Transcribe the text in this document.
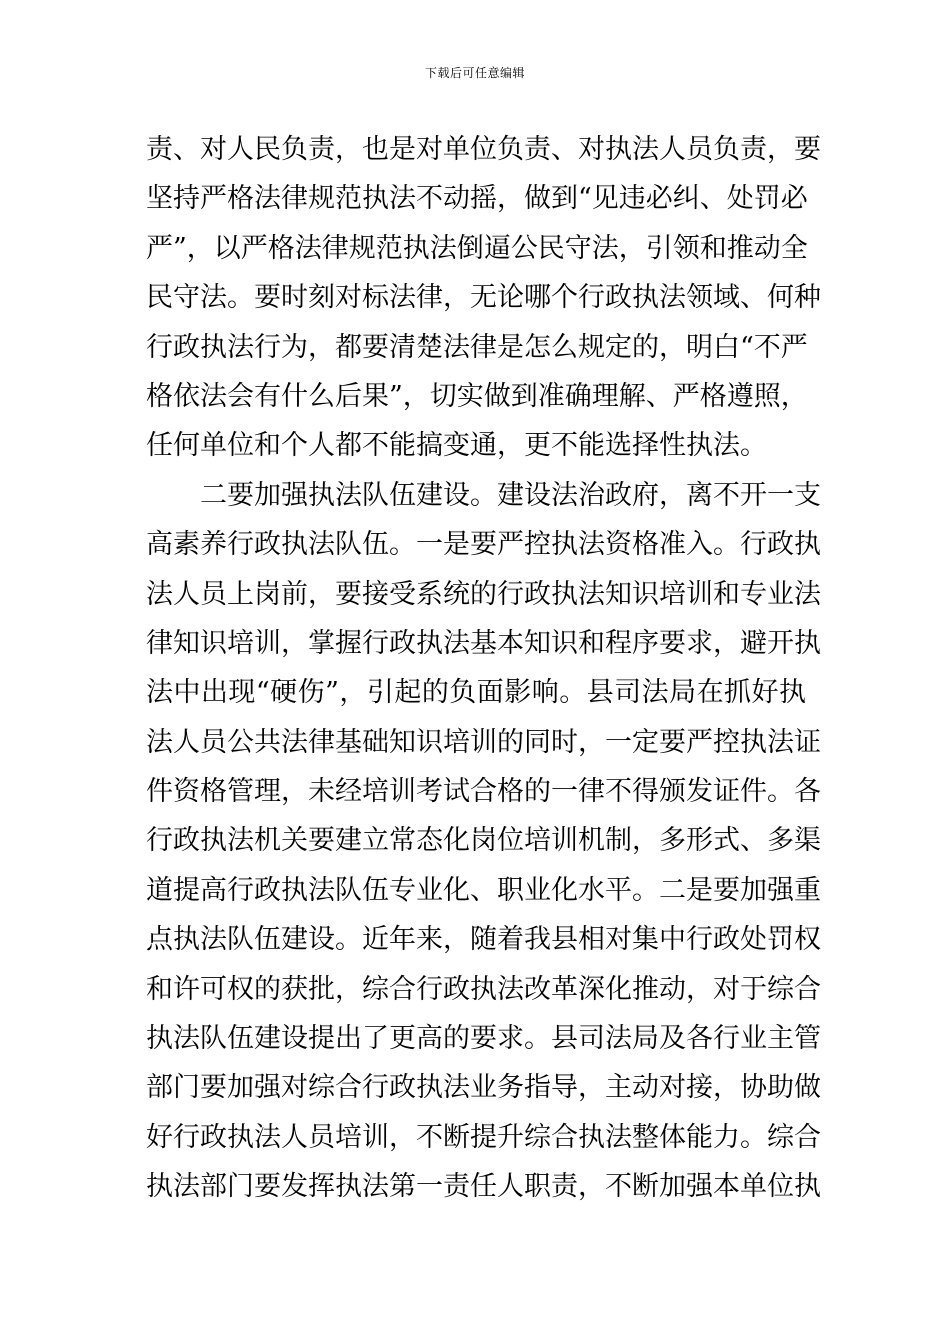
下载后可任意编辑
责、对人民负责，也是对单位负责、对执法人员负责，要
坚持严格法律规范执法不动摇，做到“见违必纠、处罚必
严”，以严格法律规范执法倒逼公民守法，引领和推动全
民守法。要时刻对标法律，无论哪个行政执法领域、何种
行政执法行为，都要清楚法律是怎么规定的，明白“不严
格依法会有什么后果”，切实做到准确理解、严格遵照，
任何单位和个人都不能搞变通，更不能选择性执法。
二要加强执法队伍建设。建设法治政府，离不开一支
高素养行政执法队伍。一是要严控执法资格准入。行政执
法人员上岗前，要接受系统的行政执法知识培训和专业法
律知识培训，掌握行政执法基本知识和程序要求，避开执
法中出现“硬伤”，引起的负面影响。县司法局在抓好执
法人员公共法律基础知识培训的同时，一定要严控执法证
件资格管理，未经培训考试合格的一律不得颁发证件。各
行政执法机关要建立常态化岗位培训机制，多形式、多渠
道提高行政执法队伍专业化、职业化水平。二是要加强重
点执法队伍建设。近年来，随着我县相对集中行政处罚权
和许可权的获批，综合行政执法改革深化推动，对于综合
执法队伍建设提出了更高的要求。县司法局及各行业主管
部门要加强对综合行政执法业务指导，主动对接，协助做
好行政执法人员培训，不断提升综合执法整体能力。综合
执法部门要发挥执法第一责任人职责，不断加强本单位执
